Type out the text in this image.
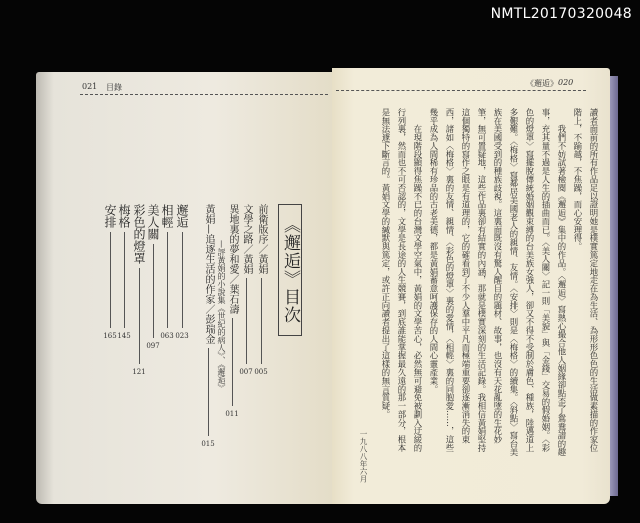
NMTL20170320048
021 目錄
《邂逅》目次
前衛版序／黃娟
005
文學之路／黃娟
007
異地裏的夢和愛／葉石濤
011
—評黃娟的小說集《世紀的病人》、《邂逅》
黃娟—追逐生活的作家／彭瑞金
015
邂逅
023
相輕
063
美人關
097
彩色的燈罩
121
梅格
145
安排
165
《邂逅》 020

讀者面前的所有作品足以證明她是樸實篤定地走在為生活、為形形色色的生活做素描的作家位階上，不踰越，不焦躁，而心安理得。

　　我們不妨試著檢閱《邂逅》集中的作品。〈邂逅〉寫熱心撮合他人姻緣卻點歪了鴛鴦譜的趣事，充其量不過是人生的插曲而已。〈美人關〉記一則「美貌」與「金錢」交易的假婚姻。〈彩色的燈罩〉寫擺脫傳統婚姻觀束縛的台美族女強人，卻又不得不受制於膚色、種族，陸邁道上多艱難。〈梅格〉寫鄰居美國老人的親情、友情。〈安排〉則是〈梅格〉的續集。〈斜點〉寫台美族在美國受到的種族歧視。這裏面既沒有驚人醒目的題材、故事，也沒有天花亂墜的生花妙筆，無可置疑地，這些作品裏卻有結實的內涵，那就是樸實深刻的生活記錄。我相信黃娟堅持這個獨特的寫作之眼是有道理的，它的確看到了不少人羣中平凡而極端重要卻逐漸消失的東西，諸如〈梅格〉裏的友情、親情、〈彩色的燈罩〉裏的愛情，〈相輕〉裏的同胞愛……，這些幾乎成為人間稀有珍品的古老美德，都是黃娟蓄意呵護保存的人間心靈產業。

　　在現階段顯得焦躁不已的台灣文學空氣中，黃娟的文學苦心，必然無可避免被劃入迂緩的行列裏，然而也不可否認的，文學是長途的人生競賽，到底誰能掌握最久遠的那一部分，根本是無法遽下斷言的。黃娟文學的緘默與篤定，或許正向讀者提出了這樣的無言質疑。

一九八八年六月
